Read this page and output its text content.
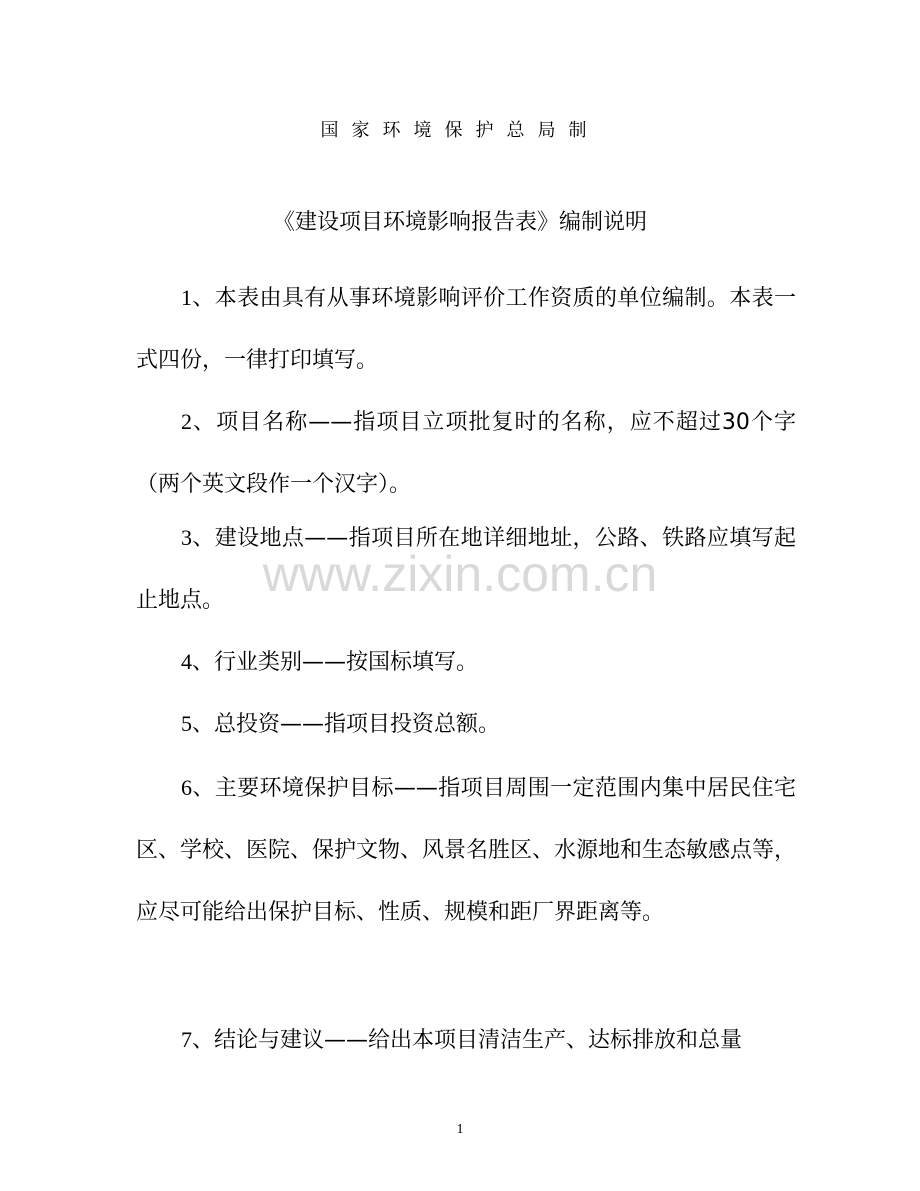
国家环境保护总局制
《建设项目环境影响报告表》编制说明
1、本表由具有从事环境影响评价工作资质的单位编制。本表一式四份，一律打印填写。
2、项目名称——指项目立项批复时的名称，应不超过30个字（两个英文段作一个汉字）。
3、建设地点——指项目所在地详细地址，公路、铁路应填写起止地点。
4、行业类别——按国标填写。
5、总投资——指项目投资总额。
6、主要环境保护目标——指项目周围一定范围内集中居民住宅区、学校、医院、保护文物、风景名胜区、水源地和生态敏感点等，应尽可能给出保护目标、性质、规模和距厂界距离等。
7、结论与建议——给出本项目清洁生产、达标排放和总量
www.zixin.com.cn
1
